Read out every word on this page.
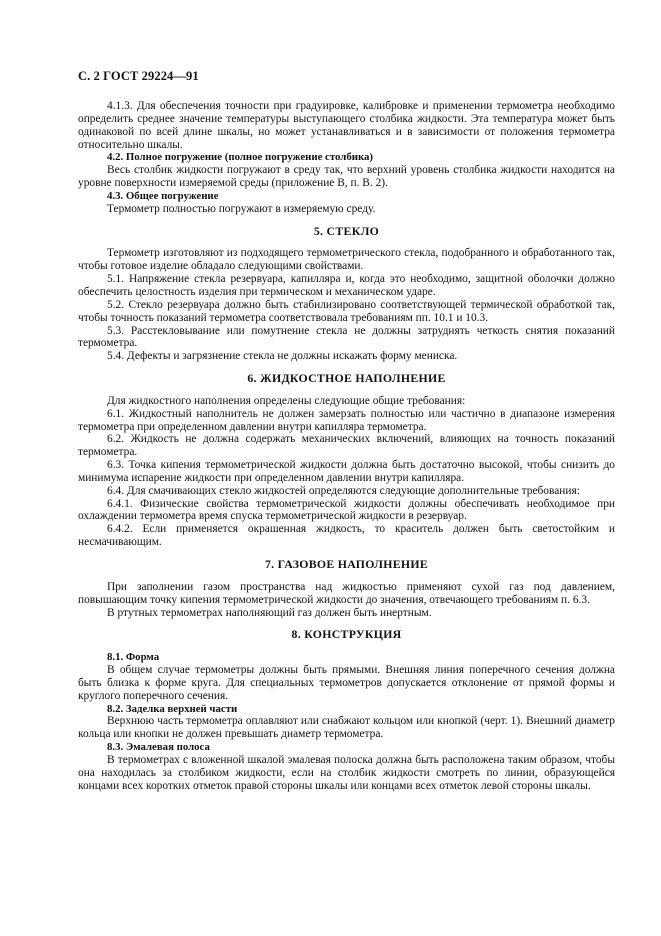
С. 2 ГОСТ 29224—91

4.1.3. Для обеспечения точности при градуировке, калибровке и применении термометра необходимо определить среднее значение температуры выступающего столбика жидкости. Эта температура может быть одинаковой по всей длине шкалы, но может устанавливаться и в зависимости от положения термометра относительно шкалы.

4.2. Полное погружение (полное погружение столбика)

Весь столбик жидкости погружают в среду так, что верхний уровень столбика жидкости находится на уровне поверхности измеряемой среды (приложение В, п. В. 2).

4.3. Общее погружение

Термометр полностью погружают в измеряемую среду.

5. СТЕКЛО

Термометр изготовляют из подходящего термометрического стекла, подобранного и обработанного так, чтобы готовое изделие обладало следующими свойствами.

5.1. Напряжение стекла резервуара, капилляра и, когда это необходимо, защитной оболочки должно обеспечить целостность изделия при термическом и механическом ударе.

5.2. Стекло резервуара должно быть стабилизировано соответствующей термической обработкой так, чтобы точность показаний термометра соответствовала требованиям пп. 10.1 и 10.3.

5.3. Расстекловывание или помутнение стекла не должны затруднять четкость снятия показаний термометра.

5.4. Дефекты и загрязнение стекла не должны искажать форму мениска.

6. ЖИДКОСТНОЕ НАПОЛНЕНИЕ

Для жидкостного наполнения определены следующие общие требования:

6.1. Жидкостный наполнитель не должен замерзать полностью или частично в диапазоне измерения термометра при определенном давлении внутри капилляра термометра.

6.2. Жидкость не должна содержать механических включений, влияющих на точность показаний термометра.

6.3. Точка кипения термометрической жидкости должна быть достаточно высокой, чтобы снизить до минимума испарение жидкости при определенном давлении внутри капилляра.

6.4. Для смачивающих стекло жидкостей определяются следующие дополнительные требования:

6.4.1. Физические свойства термометрической жидкости должны обеспечивать необходимое при охлаждении термометра время спуска термометрической жидкости в резервуар.

6.4.2. Если применяется окрашенная жидкость, то краситель должен быть светостойким и несмачивающим.

7. ГАЗОВОЕ НАПОЛНЕНИЕ

При заполнении газом пространства над жидкостью применяют сухой газ под давлением, повышающим точку кипения термометрической жидкости до значения, отвечающего требованиям п. 6.3.

В ртутных термометрах наполняющий газ должен быть инертным.

8. КОНСТРУКЦИЯ

8.1. Форма

В общем случае термометры должны быть прямыми. Внешняя линия поперечного сечения должна быть близка к форме круга. Для специальных термометров допускается отклонение от прямой формы и круглого поперечного сечения.

8.2. Заделка верхней части

Верхнюю часть термометра оплавляют или снабжают кольцом или кнопкой (черт. 1). Внешний диаметр кольца или кнопки не должен превышать диаметр термометра.

8.3. Эмалевая полоса

В термометрах с вложенной шкалой эмалевая полоска должна быть расположена таким образом, чтобы она находилась за столбиком жидкости, если на столбик жидкости смотреть по линии, образующейся концами всех коротких отметок правой стороны шкалы или концами всех отметок левой стороны шкалы.
